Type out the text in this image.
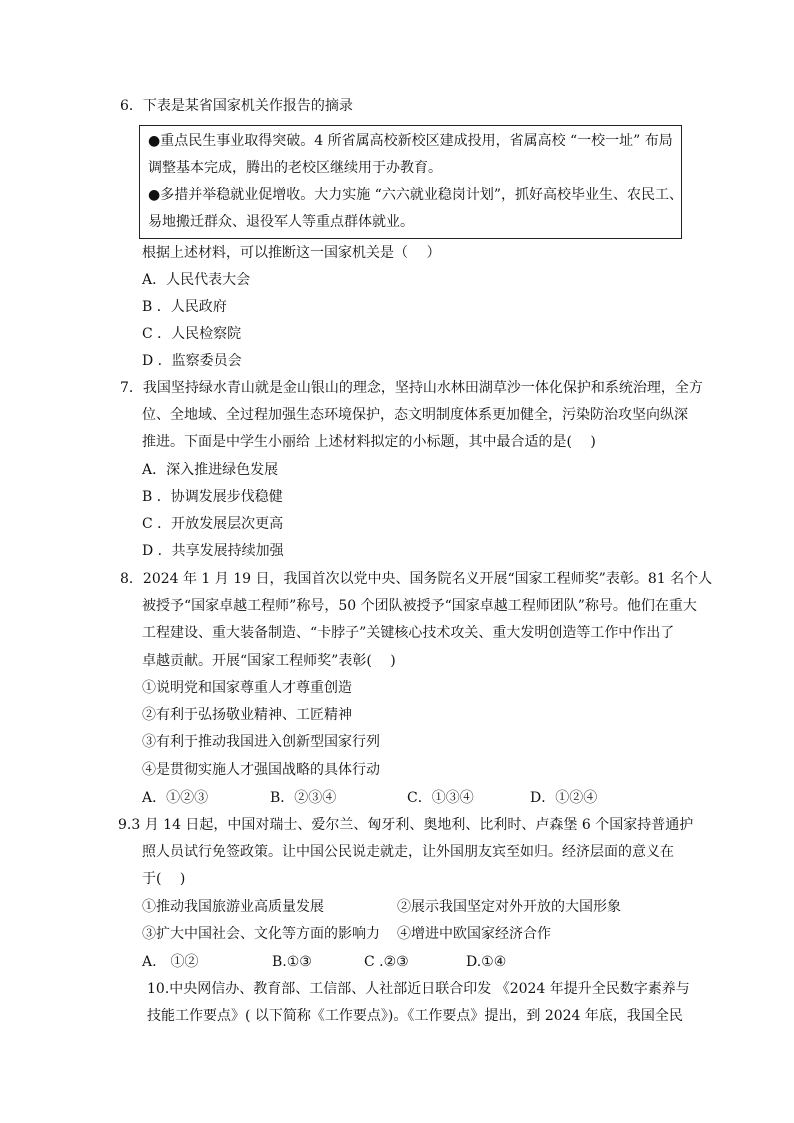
6．下表是某省国家机关作报告的摘录
●重点民生事业取得突破。4 所省属高校新校区建成投用，省属高校 “一校一址” 布局
调整基本完成，腾出的老校区继续用于办教育。
●多措并举稳就业促增收。大力实施 “六六就业稳岗计划”，抓好高校毕业生、农民工、
易地搬迁群众、退役军人等重点群体就业。
根据上述材料，可以推断这一国家机关是（　 ）
A．人民代表大会
B ．人民政府
C ．人民检察院
D ．监察委员会
7．我国坚持绿水青山就是金山银山的理念，坚持山水林田湖草沙一体化保护和系统治理，全方
位、全地域、全过程加强生态环境保护，态文明制度体系更加健全，污染防治攻坚向纵深
推进。下面是中学生小丽给 上述材料拟定的小标题，其中最合适的是(　 )
A．深入推进绿色发展
B ．协调发展步伐稳健
C ．开放发展层次更高
D ．共享发展持续加强
8．2024 年 1 月 19 日，我国首次以党中央、国务院名义开展“国家工程师奖”表彰。81 名个人
被授予“国家卓越工程师”称号，50 个团队被授予“国家卓越工程师团队”称号。他们在重大
工程建设、重大装备制造、“卡脖子”关键核心技术攻关、重大发明创造等工作中作出了
卓越贡献。开展“国家工程师奖”表彰(　 )
①说明党和国家尊重人才尊重创造
②有利于弘扬敬业精神、工匠精神
③有利于推动我国进入创新型国家行列
④是贯彻实施人才强国战略的具体行动
A．①②③	B．②③④	C．①③④	D．①②④
9.3 月 14 日起，中国对瑞士、爱尔兰、匈牙利、奥地利、比利时、卢森堡 6 个国家持普通护
照人员试行免签政策。让中国公民说走就走，让外国朋友宾至如归。经济层面的意义在
于(　 )
①推动我国旅游业高质量发展	②展示我国坚定对外开放的大国形象
③扩大中国社会、文化等方面的影响力 ④增进中欧国家经济合作
A.　①②	B.①③	C .②③	D.①④
10.中央网信办、教育部、工信部、人社部近日联合印发 《2024 年提升全民数字素养与
技能工作要点》( 以下简称《工作要点》)。《工作要点》提出，到 2024 年底，我国全民
